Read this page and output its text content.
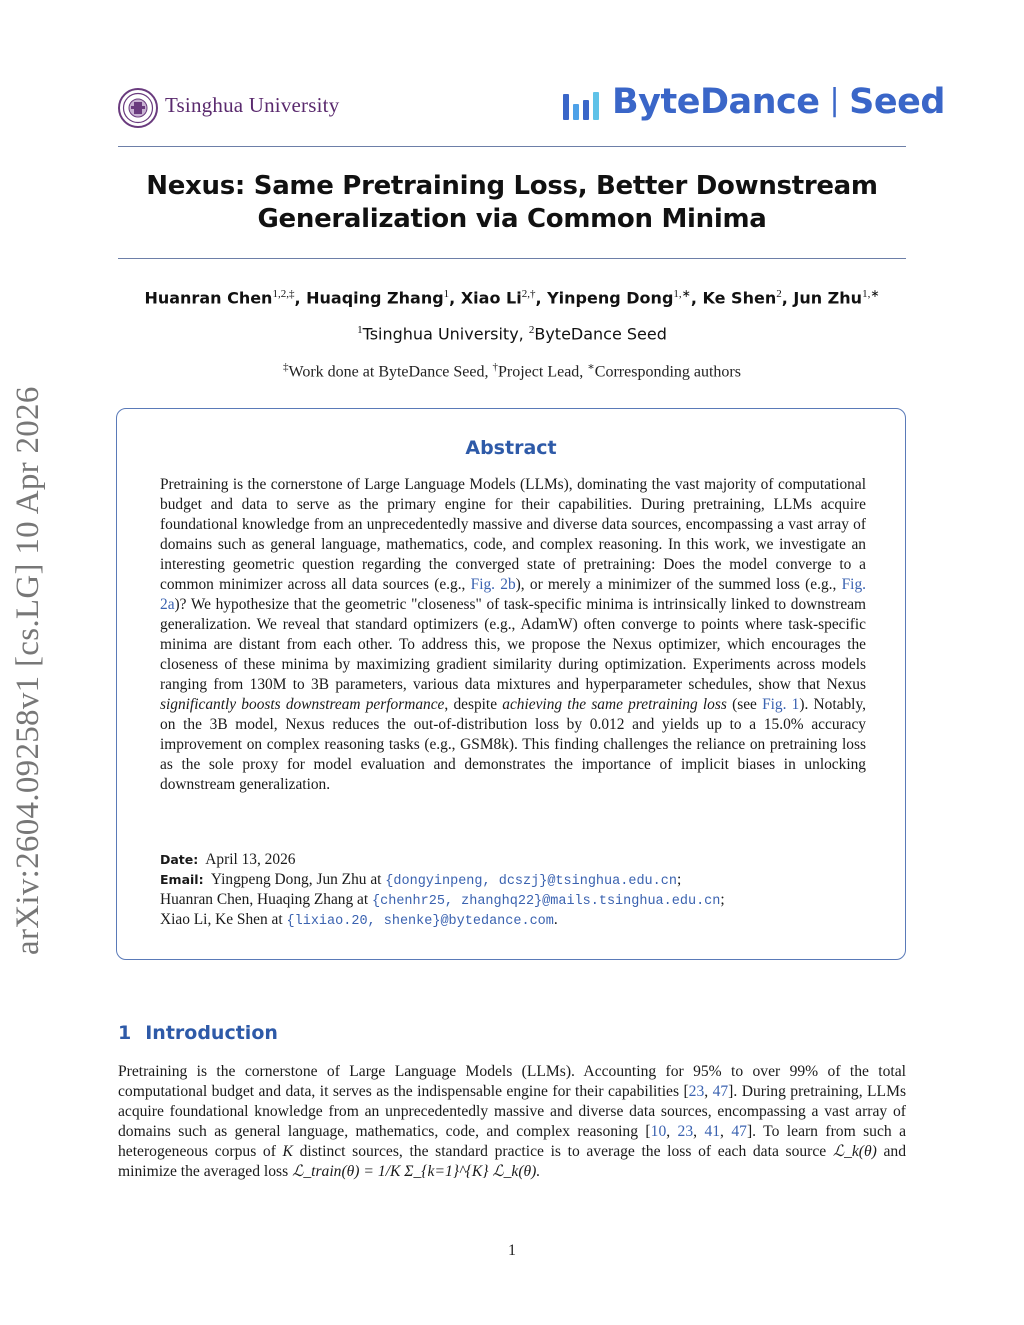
Tsinghua University	ByteDance | Seed
Nexus: Same Pretraining Loss, Better Downstream
Generalization via Common Minima
Huanran Chen$^{1,2,\ddagger}$, Huaqing Zhang$^1$, Xiao $Li^{2,\dagger}$, Yinpeng Dong$^{1,∗}$, Ke Shen$^2$, Jun Zhu$^{1,∗}$
$^1$Tsinghua University, $^2$ByteDance Seed
‡Work done at ByteDance Seed, †Project Lead, ∗Corresponding authors
arXiv:2604.09258v1 [cs.LG] 10 Apr 2026	Abstract
Pretraining is the cornerstone of Large Language Models (LLMs), dominating the vast majority of computational budget and data to serve as the primary engine for their capabilities. During pretraining, LLMs acquire foundational knowledge from an unprecedentedly massive and diverse data sources, encompassing a vast array of domains such as general language, mathematics, code, and complex reasoning. In this work, we investigate an interesting geometric question regarding the converged state of pretraining: Does the model converge to a common minimizer across all data sources (e.g., Fig. 2b), or merely a minimizer of the summed loss (e.g., Fig. 2a)? We hypothesize that the geometric "closeness" of task-specific minima is intrinsically linked to downstream generalization. We reveal that standard optimizers (e.g., AdamW) often converge to points where task-specific minima are distant from each other. To address this, we propose the Nexus optimizer, which encourages the closeness of these minima by maximizing gradient similarity during optimization. Experiments across models ranging from 130M to 3B parameters, various data mixtures and hyperparameter schedules, show that Nexus significantly boosts downstream performance, despite achieving the same pretraining loss (see Fig. 1). Notably, on the 3B model, Nexus reduces the out-of-distribution loss by 0.012 and yields up to a 15.0% accuracy improvement on complex reasoning tasks (e.g., GSM8k). This finding challenges the reliance on pretraining loss as the sole proxy for model evaluation and demonstrates the importance of implicit biases in unlocking downstream generalization.
Date: April 13, 2026
Email: Yingpeng Dong, Jun Zhu at {dongyinpeng, dcszj}@tsinghua.edu.cn;
Huanran Chen, Huaqing Zhang at {chenhr25, zhanghq22}@mails.tsinghua.edu.cn;
Xiao Li, Ke Shen at {lixiao.20, shenke}@bytedance.com.
1 Introduction
Pretraining is the cornerstone of Large Language Models (LLMs). Accounting for 95% to over 99% of the total computational budget and data, it serves as the indispensable engine for their capabilities [23, 47]. During pretraining, LLMs acquire foundational knowledge from an unprecedentedly massive and diverse data sources, encompassing a vast array of domains such as general language, mathematics, code, and complex reasoning [10, 23, 41, 47]. To learn from such a heterogeneous corpus of K distinct sources, the standard practice is to average the loss of each data source ℒ_k(θ) and minimize the averaged loss ℒ_train(θ) = 1/K Σ_{k=1}^{K} ℒ_k(θ).
1
